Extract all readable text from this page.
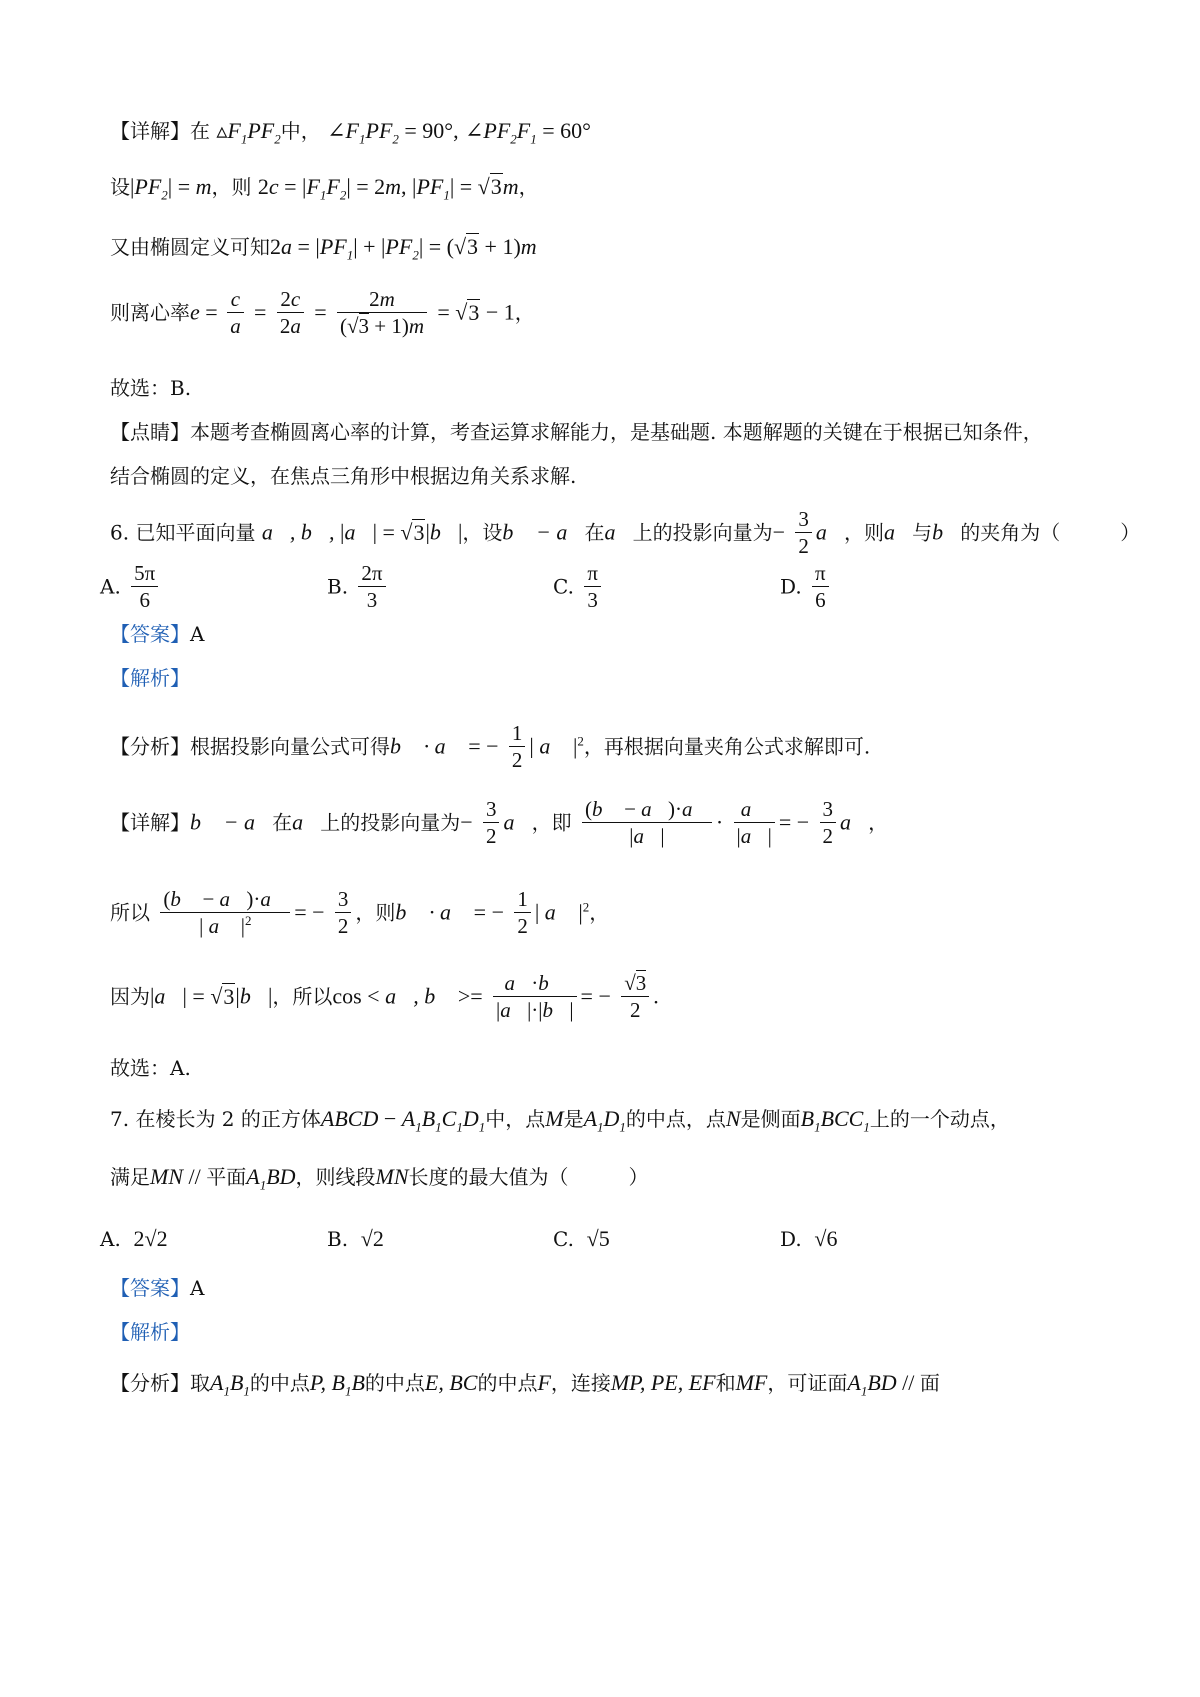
【详解】在 $▵F_1PF_2$中， $\angle F_1PF_2 = 90^\circ$, $\angle PF_2F_1 = 60^\circ$
设$|PF_2| = m$，则 $2c = |F_1F_2| = 2m$, $|PF_1| = √3m$，
又由椭圆定义可知$2a = |PF_1| + |PF_2| = (√3 + 1)m$
则离心率$e = \frac{c}{a} = \frac{2c}{2a} = \frac{2m}{(√3 + 1)m} = √3 - 1$，
故选：B.
【点睛】本题考查椭圆离心率的计算，考查运算求解能力，是基础题. 本题解题的关键在于根据已知条件，
结合椭圆的定义，在焦点三角形中根据边角关系求解.
6. 已知平面向量 a⃗, b⃗, |a⃗| = √3|b⃗|，设b⃗ − a⃗在a⃗上的投影向量为− $\frac{3}{2}$ a⃗，则a⃗与b⃗的夹角为（　　　）
A. $\frac{5\pi}{6}$	B. $\frac{2\pi}{3}$	C. $\frac{\pi}{3}$	D. $\frac{\pi}{6}$
【答案】A
【解析】
【分析】根据投影向量公式可得b⃗ · a⃗ = − $\frac{1}{2}$ | a⃗ $|^2$，再根据向量夹角公式求解即可.
【详解】b⃗ − a⃗在a⃗上的投影向量为− $\frac{3}{2}$ a⃗，即 $\frac{(b⃗ - a⃗)\cdot a⃗}{|a⃗|} \cdot \frac{a⃗}{|a⃗|}$ = − $\frac{3}{2}$ a⃗，
所以 $\frac{(b⃗ - a⃗)\cdot a⃗}{| a⃗ |^2}$ = − $\frac{3}{2}$ ，则b⃗ · a⃗ = − $\frac{1}{2}$ | a⃗ $|^2$，
因为|a⃗| = √3|b⃗|，所以cos < a⃗, b⃗ >= $\frac{a⃗\cdot b⃗}{|a⃗|\cdot|b⃗|}$ = − $\frac{√3}{2}$ .
故选：A.
7. 在棱长为 2 的正方体ABCD − $A_1B_1C_1D_1$中，点M是$A_1D_1$的中点，点N是侧面$B_1BCC_1$上的一个动点，
满足MN // 平面$A_1BD$，则线段MN长度的最大值为（　　　）
A. 2√2	B. √2	C. √5	D. √6
【答案】A
【解析】
【分析】取$A_1B_1$的中点P, $B_1B$的中点E, BC的中点F，连接MP, PE, EF和MF，可证面$A_1BD$ // 面
